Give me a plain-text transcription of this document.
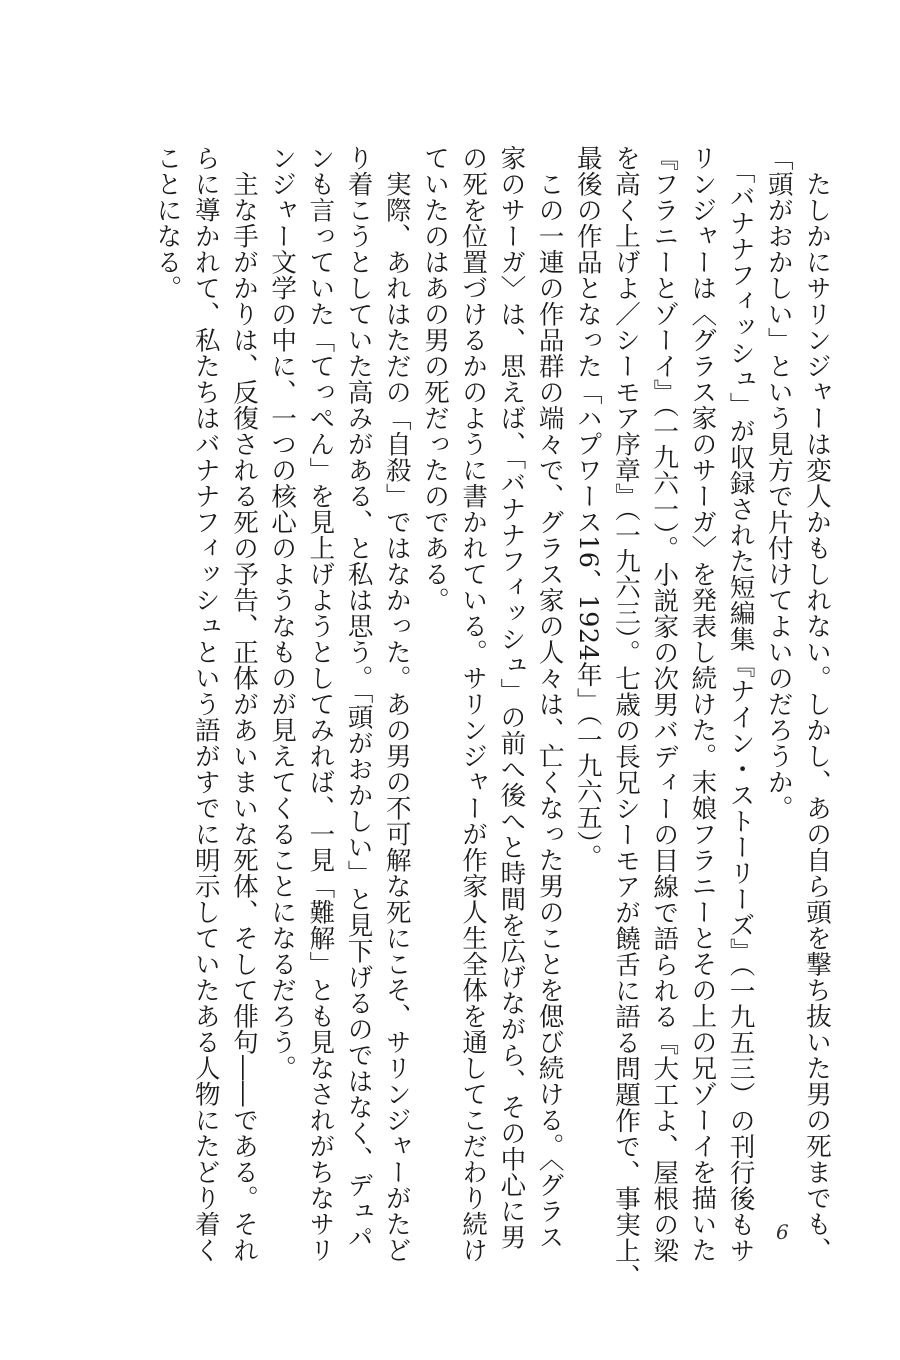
　たしかにサリンジャーは変人かもしれない。しかし、あの自ら頭を撃ち抜いた男の死までも、
「頭がおかしい」という見方で片付けてよいのだろうか。
　「バナナフィッシュ」が収録された短編集『ナイン・ストーリーズ』（一九五三）の刊行後もサ
リンジャーは〈グラス家のサーガ〉を発表し続けた。末娘フラニーとその上の兄ゾーイを描いた
『フラニーとゾーイ』（一九六一）。小説家の次男バディーの目線で語られる『大工よ、屋根の梁
を高く上げよ／シーモア序章』（一九六三）。七歳の長兄シーモアが饒舌に語る問題作で、事実上、
最後の作品となった「ハプワース16、1924年」（一九六五）。
　この一連の作品群の端々で、グラス家の人々は、亡くなった男のことを偲び続ける。〈グラス
家のサーガ〉は、思えば、「バナナフィッシュ」の前へ後へと時間を広げながら、その中心に男
の死を位置づけるかのように書かれている。サリンジャーが作家人生全体を通してこだわり続け
ていたのはあの男の死だったのである。
　実際、あれはただの「自殺」ではなかった。あの男の不可解な死にこそ、サリンジャーがたど
り着こうとしていた高みがある、と私は思う。「頭がおかしい」と見下げるのではなく、デュパ
ンも言っていた「てっぺん」を見上げようとしてみれば、一見「難解」とも見なされがちなサリ
ンジャー文学の中に、一つの核心のようなものが見えてくることになるだろう。
　主な手がかりは、反復される死の予告、正体があいまいな死体、そして俳句――である。それ
らに導かれて、私たちはバナナフィッシュという語がすでに明示していたある人物にたどり着く
ことになる。
6
